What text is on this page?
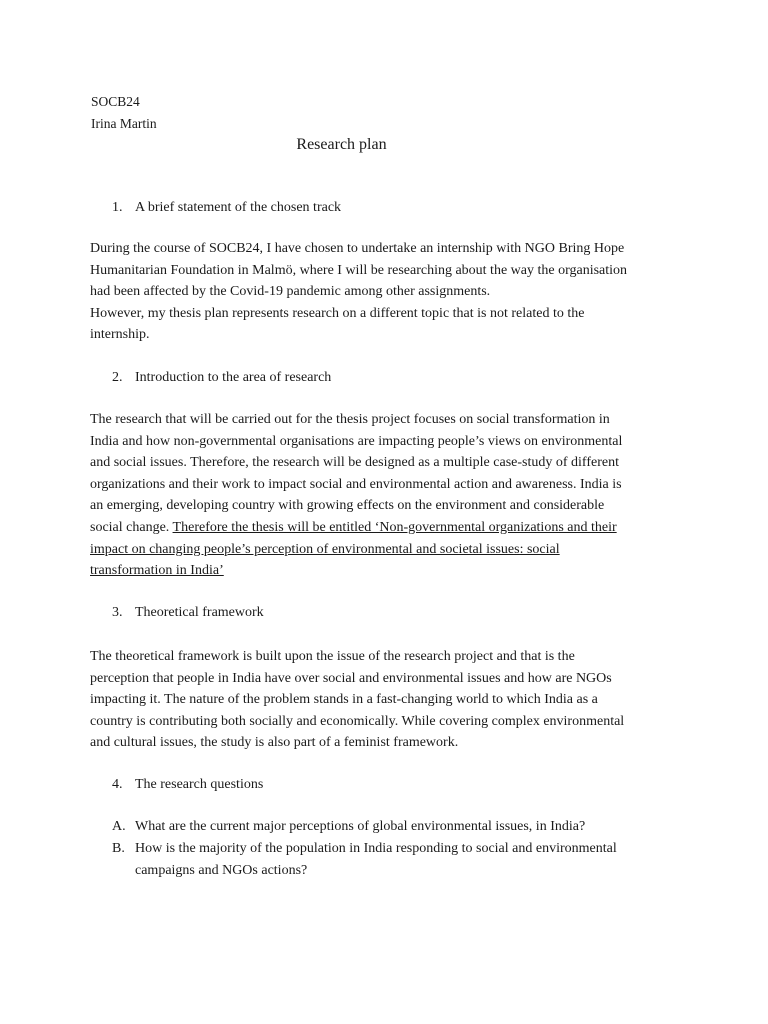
SOCB24
Irina Martin
Research plan
1. A brief statement of the chosen track
During the course of SOCB24, I have chosen to undertake an internship with NGO Bring Hope
Humanitarian Foundation in Malmö, where I will be researching about the way the organisation
had been affected by the Covid-19 pandemic among other assignments.
However, my thesis plan represents research on a different topic that is not related to the
internship.
2. Introduction to the area of research
The research that will be carried out for the thesis project focuses on social transformation in
India and how non-governmental organisations are impacting people’s views on environmental
and social issues. Therefore, the research will be designed as a multiple case-study of different
organizations and their work to impact social and environmental action and awareness. India is
an emerging, developing country with growing effects on the environment and considerable
social change. Therefore the thesis will be entitled ‘Non-governmental organizations and their
impact on changing people’s perception of environmental and societal issues: social
transformation in India’
3. Theoretical framework
The theoretical framework is built upon the issue of the research project and that is the
perception that people in India have over social and environmental issues and how are NGOs
impacting it. The nature of the problem stands in a fast-changing world to which India as a
country is contributing both socially and economically. While covering complex environmental
and cultural issues, the study is also part of a feminist framework.
4. The research questions
A. What are the current major perceptions of global environmental issues, in India?
B. How is the majority of the population in India responding to social and environmental
campaigns and NGOs actions?
